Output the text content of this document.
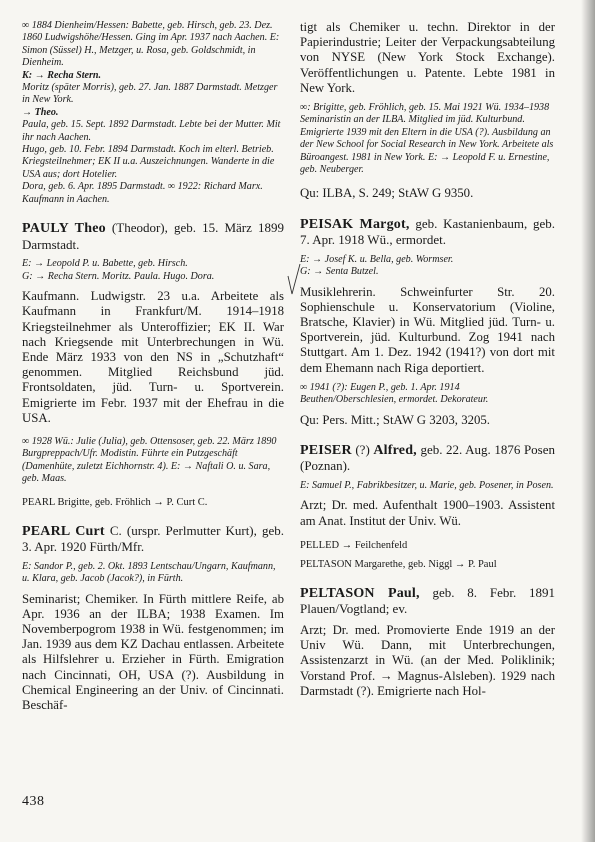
∞ 1884 Dienheim/Hessen: Babette, geb. Hirsch, geb. 23. Dez. 1860 Ludwigshöhe/Hessen. Ging im Apr. 1937 nach Aachen. E: Simon (Süssel) H., Metzger, u. Rosa, geb. Goldschmidt, in Dienheim.

K: → Recha Stern.

Moritz (später Morris), geb. 27. Jan. 1887 Darmstadt. Metzger in New York.

→ Theo.

Paula, geb. 15. Sept. 1892 Darmstadt. Lebte bei der Mutter. Mit ihr nach Aachen.

Hugo, geb. 10. Febr. 1894 Darmstadt. Koch im elterl. Betrieb. Kriegsteilnehmer; EK II u.a. Auszeichnungen. Wanderte in die USA aus; dort Hotelier.

Dora, geb. 6. Apr. 1895 Darmstadt. ∞ 1922: Richard Marx. Kaufmann in Aachen.

PAULY Theo (Theodor), geb. 15. März 1899 Darmstadt.

E: → Leopold P. u. Babette, geb. Hirsch.

G: → Recha Stern. Moritz. Paula. Hugo. Dora.

Kaufmann. Ludwigstr. 23 u.a. Arbeitete als Kaufmann in Frankfurt/M. 1914–1918 Kriegsteilnehmer als Unteroffizier; EK II. War nach Kriegsende mit Unterbrechungen in Wü. Ende März 1933 von den NS in „Schutzhaft“ genommen. Mitglied Reichsbund jüd. Frontsoldaten, jüd. Turn- u. Sportverein. Emigrierte im Febr. 1937 mit der Ehefrau in die USA.

∞ 1928 Wü.: Julie (Julia), geb. Ottensoser, geb. 22. März 1890 Burgpreppach/Ufr. Modistin. Führte ein Putzgeschäft (Damenhüte, zuletzt Eichhornstr. 4). E: → Naftali O. u. Sara, geb. Maas.

PEARL Brigitte, geb. Fröhlich → P. Curt C.

PEARL Curt C. (urspr. Perlmutter Kurt), geb. 3. Apr. 1920 Fürth/Mfr.

E: Sandor P., geb. 2. Okt. 1893 Lentschau/Ungarn, Kaufmann, u. Klara, geb. Jacob (Jacok?), in Fürth.

Seminarist; Chemiker. In Fürth mittlere Reife, ab Apr. 1936 an der ILBA; 1938 Examen. Im Novemberpogrom 1938 in Wü. festgenommen; im Jan. 1939 aus dem KZ Dachau entlassen. Arbeitete als Hilfslehrer u. Erzieher in Fürth. Emigration nach Cincinnati, OH, USA (?). Ausbildung in Chemical Engineering an der Univ. of Cincinnati. Beschäf-

438

tigt als Chemiker u. techn. Direktor in der Papierindustrie; Leiter der Verpackungsabteilung von NYSE (New York Stock Exchange). Veröffentlichungen u. Patente. Lebte 1981 in New York.

∞: Brigitte, geb. Fröhlich, geb. 15. Mai 1921 Wü. 1934–1938 Seminaristin an der ILBA. Mitglied im jüd. Kulturbund. Emigrierte 1939 mit den Eltern in die USA (?). Ausbildung an der New School for Social Research in New York. Arbeitete als Büroangest. 1981 in New York. E: → Leopold F. u. Ernestine, geb. Neuberger.

Qu: ILBA, S. 249; StAW G 9350.

PEISAK Margot, geb. Kastanienbaum, geb. 7. Apr. 1918 Wü., ermordet.

E: → Josef K. u. Bella, geb. Wormser.

G: → Senta Butzel.

Musiklehrerin. Schweinfurter Str. 20. Sophienschule u. Konservatorium (Violine, Bratsche, Klavier) in Wü. Mitglied jüd. Turn- u. Sportverein, jüd. Kulturbund. Zog 1941 nach Stuttgart. Am 1. Dez. 1942 (1941?) von dort mit dem Ehemann nach Riga deportiert.

∞ 1941 (?): Eugen P., geb. 1. Apr. 1914 Beuthen/Oberschlesien, ermordet. Dekorateur.

Qu: Pers. Mitt.; StAW G 3203, 3205.

PEISER (?) Alfred, geb. 22. Aug. 1876 Posen (Poznan).

E: Samuel P., Fabrikbesitzer, u. Marie, geb. Posener, in Posen.

Arzt; Dr. med. Aufenthalt 1900–1903. Assistent am Anat. Institut der Univ. Wü.

PELLED → Feilchenfeld

PELTASON Margarethe, geb. Niggl → P. Paul

PELTASON Paul, geb. 8. Febr. 1891 Plauen/Vogtland; ev.

Arzt; Dr. med. Promovierte Ende 1919 an der Univ Wü. Dann, mit Unterbrechungen, Assistenzarzt in Wü. (an der Med. Poliklinik; Vorstand Prof. → Magnus-Alsleben). 1929 nach Darmstadt (?). Emigrierte nach Hol-
